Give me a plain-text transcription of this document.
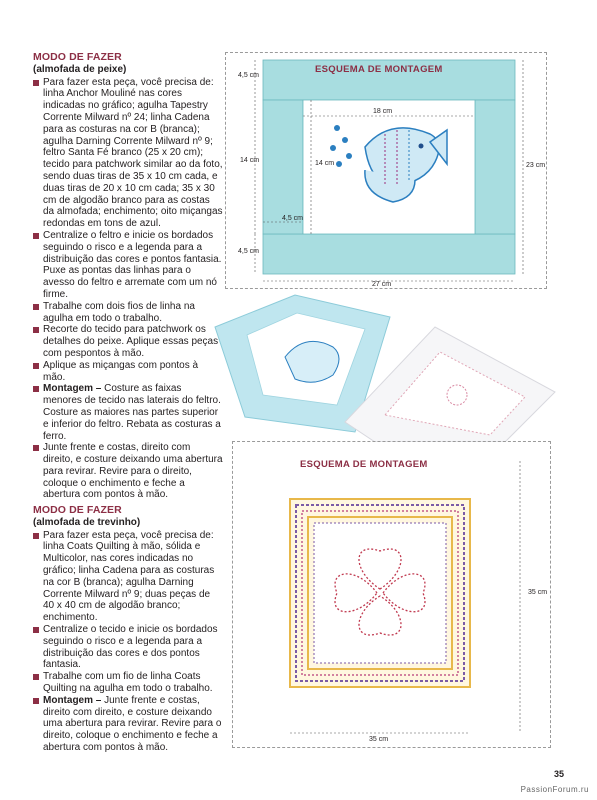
MODO DE FAZER
(almofada de peixe)
Para fazer esta peça, você precisa de: linha Anchor Mouliné nas cores indicadas no gráfico; agulha Tapestry Corrente Milward nº 24; linha Cadena para as costuras na cor B (branca); agulha Darning Corrente Milward nº 9; feltro Santa Fé branco (25 x 20 cm); tecido para patchwork similar ao da foto, sendo duas tiras de 35 x 10 cm cada, e duas tiras de 20 x 10 cm cada; 35 x 30 cm de algodão branco para as costas da almofada; enchimento; oito miçangas redondas em tons de azul.
Centralize o feltro e inicie os bordados seguindo o risco e a legenda para a distribuição das cores e pontos fantasia. Puxe as pontas das linhas para o avesso do feltro e arremate com um nó firme.
Trabalhe com dois fios de linha na agulha em todo o trabalho.
Recorte do tecido para patchwork os detalhes do peixe. Aplique essas peças com pespontos à mão.
Aplique as miçangas com pontos à mão.
Montagem – Costure as faixas menores de tecido nas laterais do feltro. Costure as maiores nas partes superior e inferior do feltro. Rebata as costuras a ferro.
Junte frente e costas, direito com direito, e costure deixando uma abertura para revirar. Revire para o direito, coloque o enchimento e feche a abertura com pontos à mão.
MODO DE FAZER
(almofada de trevinho)
Para fazer esta peça, você precisa de: linha Coats Quilting à mão, sólida e Multicolor, nas cores indicadas no gráfico; linha Cadena para as costuras na cor B (branca); agulha Darning Corrente Milward nº 9; duas peças de 40 x 40 cm de algodão branco; enchimento.
Centralize o tecido e inicie os bordados seguindo o risco e a legenda para a distribuição das cores e dos pontos fantasia.
Trabalhe com um fio de linha Coats Quilting na agulha em todo o trabalho.
Montagem – Junte frente e costas, direito com direito, e costure deixando uma abertura para revirar. Revire para o direito, coloque o enchimento e feche a abertura com pontos à mão.
ESQUEMA DE MONTAGEM
4,5 cm
14 cm
4,5 cm
27 cm
23 cm
18 cm
14 cm
4,5 cm
ESQUEMA DE MONTAGEM
35 cm
35 cm
35
PassionForum.ru
